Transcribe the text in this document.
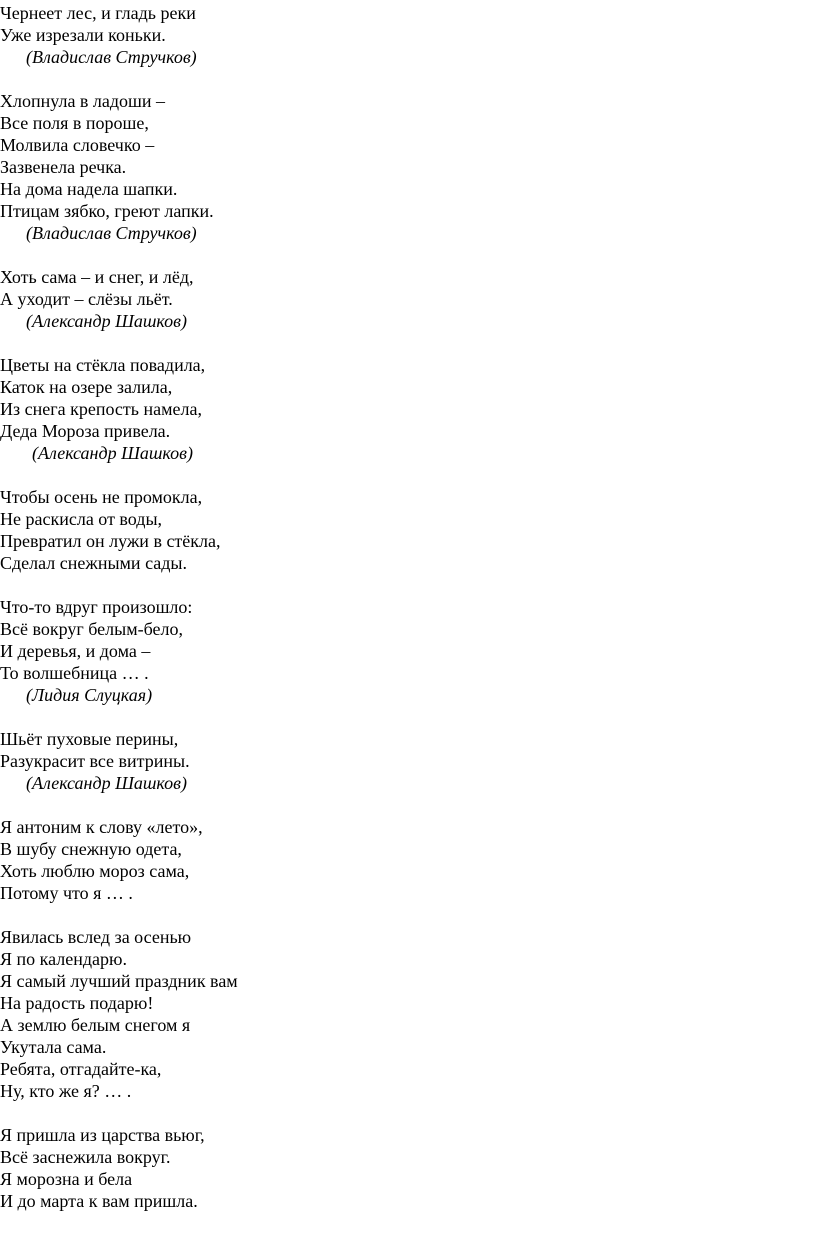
Чернеет лес, и гладь реки

Уже изрезали коньки.

(Владислав Стручков)

Хлопнула в ладоши –

Все поля в пороше,

Молвила словечко –

Зазвенела речка.

На дома надела шапки.

Птицам зябко, греют лапки.

(Владислав Стручков)

Хоть сама – и снег, и лёд,

А уходит – слёзы льёт.

(Александр Шашков)

Цветы на стёкла повадила,

Каток на озере залила,

Из снега крепость намела,

Деда Мороза привела.

(Александр Шашков)

Чтобы осень не промокла,

Не раскисла от воды,

Превратил он лужи в стёкла,

Сделал снежными сады.

Что-то вдруг произошло:

Всё вокруг белым-бело,

И деревья, и дома –

То волшебница … .

(Лидия Слуцкая)

Шьёт пуховые перины,

Разукрасит все витрины.

(Александр Шашков)

Я антоним к слову «лето»,

В шубу снежную одета,

Хоть люблю мороз сама,

Потому что я … .

Явилась вслед за осенью

Я по календарю.

Я самый лучший праздник вам

На радость подарю!

А землю белым снегом я

Укутала сама.

Ребята, отгадайте-ка,

Ну, кто же я? … .

Я пришла из царства вьюг,

Всё заснежила вокруг.

Я морозна и бела

И до марта к вам пришла.
